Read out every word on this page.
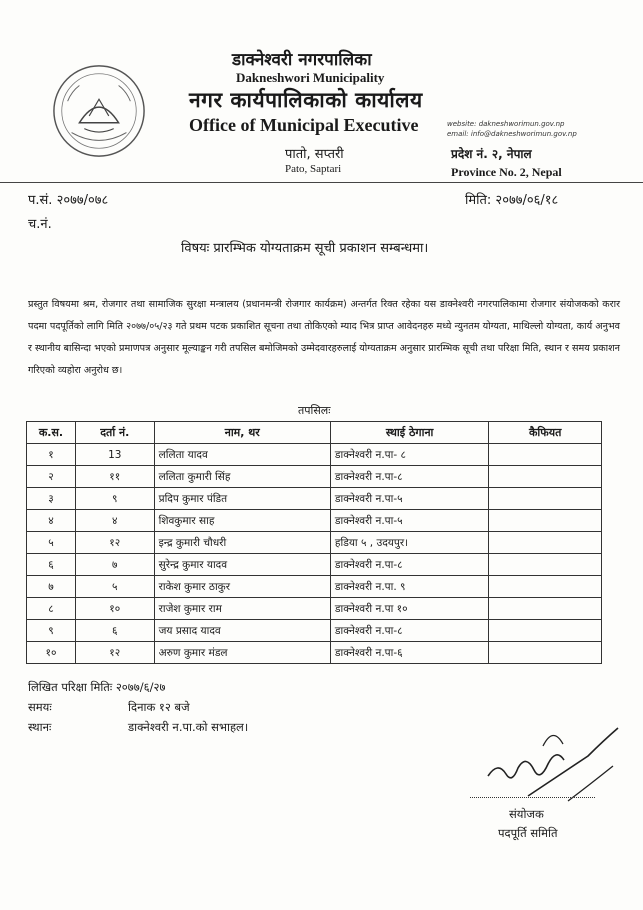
डाक्नेश्वरी नगरपालिका
Dakneshwori Municipality
नगर कार्यपालिकाको कार्यालय
Office of Municipal Executive
पातो, सप्तरी
Pato, Saptari
website: dakneshworimun.gov.np
email: info@dakneshworimun.gov.np
प्रदेश नं. २, नेपाल
Province No. 2, Nepal
प.सं. २०७७/०७८
च.नं.
मिति: २०७७/०६/१८
विषयः प्रारम्भिक योग्यताक्रम सूची प्रकाशन सम्बन्धमा।
प्रस्तुत विषयमा श्रम, रोजगार तथा सामाजिक सुरक्षा मन्त्रालय (प्रधानमन्त्री रोजगार कार्यक्रम) अन्तर्गत रिक्त रहेका यस डाक्नेश्वरी नगरपालिकामा रोजगार संयोजकको करार पदमा पदपूर्तिको लागि मिति २०७७/०५/२३ गते प्रथम पटक प्रकाशित सूचना तथा तोकिएको म्याद भित्र प्राप्त आवेदनहरु मध्ये न्युनतम योग्यता, माथिल्लो योग्यता, कार्य अनुभव र स्थानीय बासिन्दा भएको प्रमाणपत्र अनुसार मूल्याङ्कन गरी तपसिल बमोजिमको उम्मेदवारहरुलाई योग्यताक्रम अनुसार प्रारम्भिक सूची तथा परिक्षा मिति, स्थान र समय प्रकाशन गरिएको व्यहोरा अनुरोध छ।
तपसिलः
क.स.	दर्ता नं.	नाम, थर	स्थाई ठेगाना	कैफियत
१	13	ललिता यादव	डाक्नेश्वरी न.पा- ८	
२	११	ललिता कुमारी सिंह	डाक्नेश्वरी न.पा-८	
३	९	प्रदिप कुमार पंडित	डाक्नेश्वरी न.पा-५	
४	४	शिवकुमार साह	डाक्नेश्वरी न.पा-५	
५	१२	इन्द्र कुमारी चौधरी	हडिया ५ , उदयपुर।	
६	७	सुरेन्द्र कुमार यादव	डाक्नेश्वरी न.पा-८	
७	५	राकेश कुमार ठाकुर	डाक्नेश्वरी न.पा. ९	
८	१०	राजेश कुमार राम	डाक्नेश्वरी न.पा १०	
९	६	जय प्रसाद यादव	डाक्नेश्वरी न.पा-८	
१०	१२	अरुण कुमार मंडल	डाक्नेश्वरी न.पा-६	
लिखित परिक्षा मितिः २०७७/६/२७
समयः	दिनाक १२ बजे
स्थानः	डाक्नेश्वरी न.पा.को सभाहल।
संयोजक
पदपूर्ति समिति
